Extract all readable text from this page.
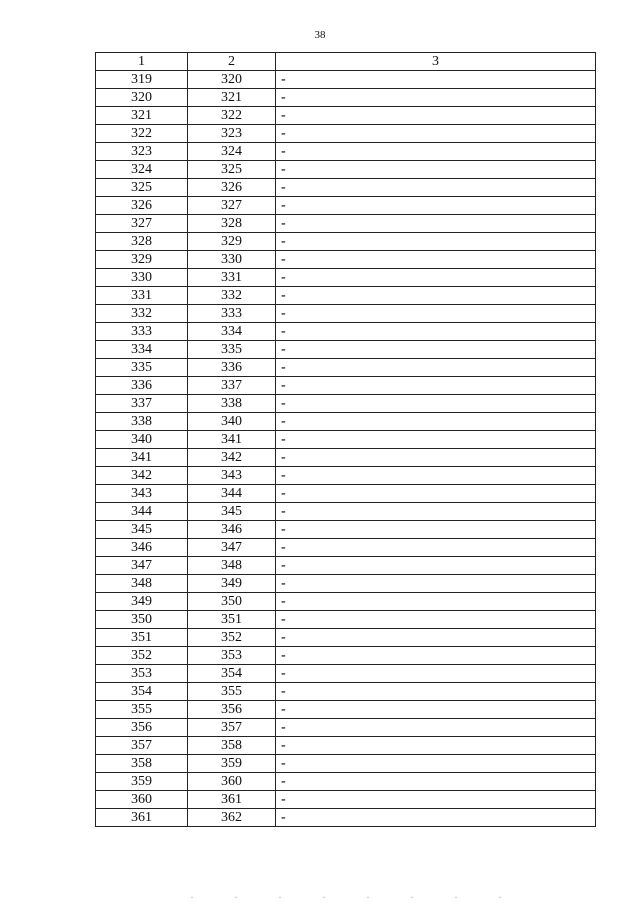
38
1	2	3
319	320	-
320	321	-
321	322	-
322	323	-
323	324	-
324	325	-
325	326	-
326	327	-
327	328	-
328	329	-
329	330	-
330	331	-
331	332	-
332	333	-
333	334	-
334	335	-
335	336	-
336	337	-
337	338	-
338	340	-
340	341	-
341	342	-
342	343	-
343	344	-
344	345	-
345	346	-
346	347	-
347	348	-
348	349	-
349	350	-
350	351	-
351	352	-
352	353	-
353	354	-
354	355	-
355	356	-
356	357	-
357	358	-
358	359	-
359	360	-
360	361	-
361	362	-
